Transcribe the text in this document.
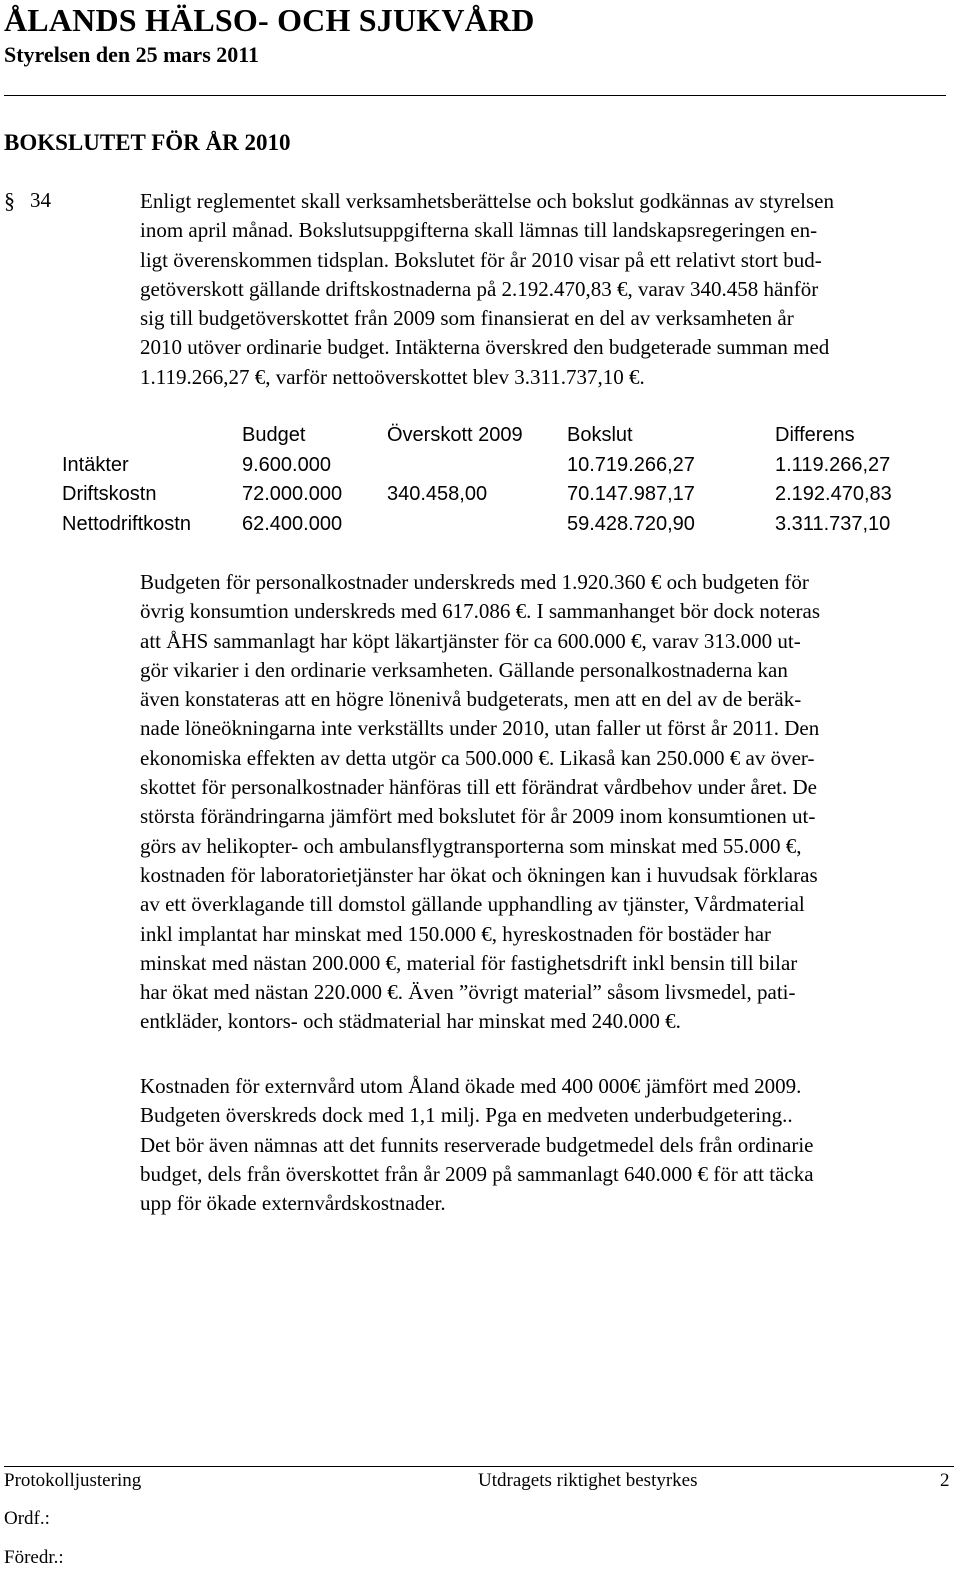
ÅLANDS HÄLSO- OCH SJUKVÅRD
Styrelsen den 25 mars 2011
BOKSLUTET FÖR ÅR 2010
§ 34	Enligt reglementet skall verksamhetsberättelse och bokslut godkännas av styrelsen
inom april månad. Bokslutsuppgifterna skall lämnas till landskapsregeringen en-
ligt överenskommen tidsplan. Bokslutet för år 2010 visar på ett relativt stort bud-
getöverskott gällande driftskostnaderna på 2.192.470,83 €, varav 340.458 hänför
sig till budgetöverskottet från 2009 som finansierat en del av verksamheten år
2010 utöver ordinarie budget. Intäkterna överskred den budgeterade summan med
1.119.266,27 €, varför nettoöverskottet blev 3.311.737,10 €.
	Budget	Överskott 2009	Bokslut	Differens
Intäkter	9.600.000		10.719.266,27	1.119.266,27
Driftskostn	72.000.000	340.458,00	70.147.987,17	2.192.470,83
Nettodriftkostn	62.400.000		59.428.720,90	3.311.737,10
Budgeten för personalkostnader underskreds med 1.920.360 € och budgeten för
övrig konsumtion underskreds med 617.086 €. I sammanhanget bör dock noteras
att ÅHS sammanlagt har köpt läkartjänster för ca 600.000 €, varav 313.000 ut-
gör vikarier i den ordinarie verksamheten. Gällande personalkostnaderna kan
även konstateras att en högre lönenivå budgeterats, men att en del av de beräk-
nade löneökningarna inte verkställts under 2010, utan faller ut först år 2011. Den
ekonomiska effekten av detta utgör ca 500.000 €. Likaså kan 250.000 € av över-
skottet för personalkostnader hänföras till ett förändrat vårdbehov under året. De
största förändringarna jämfört med bokslutet för år 2009 inom konsumtionen ut-
görs av helikopter- och ambulansflygtransporterna som minskat med 55.000 €,
kostnaden för laboratorietjänster har ökat och ökningen kan i huvudsak förklaras
av ett överklagande till domstol gällande upphandling av tjänster, Vårdmaterial
inkl implantat har minskat med 150.000 €, hyreskostnaden för bostäder har
minskat med nästan 200.000 €, material för fastighetsdrift inkl bensin till bilar
har ökat med nästan 220.000 €. Även ”övrigt material” såsom livsmedel, pati-
entkläder, kontors- och städmaterial har minskat med 240.000 €.
Kostnaden för externvård utom Åland ökade med 400 000€ jämfört med 2009.
Budgeten överskreds dock med 1,1 milj. Pga en medveten underbudgetering..
Det bör även nämnas att det funnits reserverade budgetmedel dels från ordinarie
budget, dels från överskottet från år 2009 på sammanlagt 640.000 € för att täcka
upp för ökade externvårdskostnader.
Protokolljustering	Utdragets riktighet bestyrkes	2
Ordf.:
Föredr.:
